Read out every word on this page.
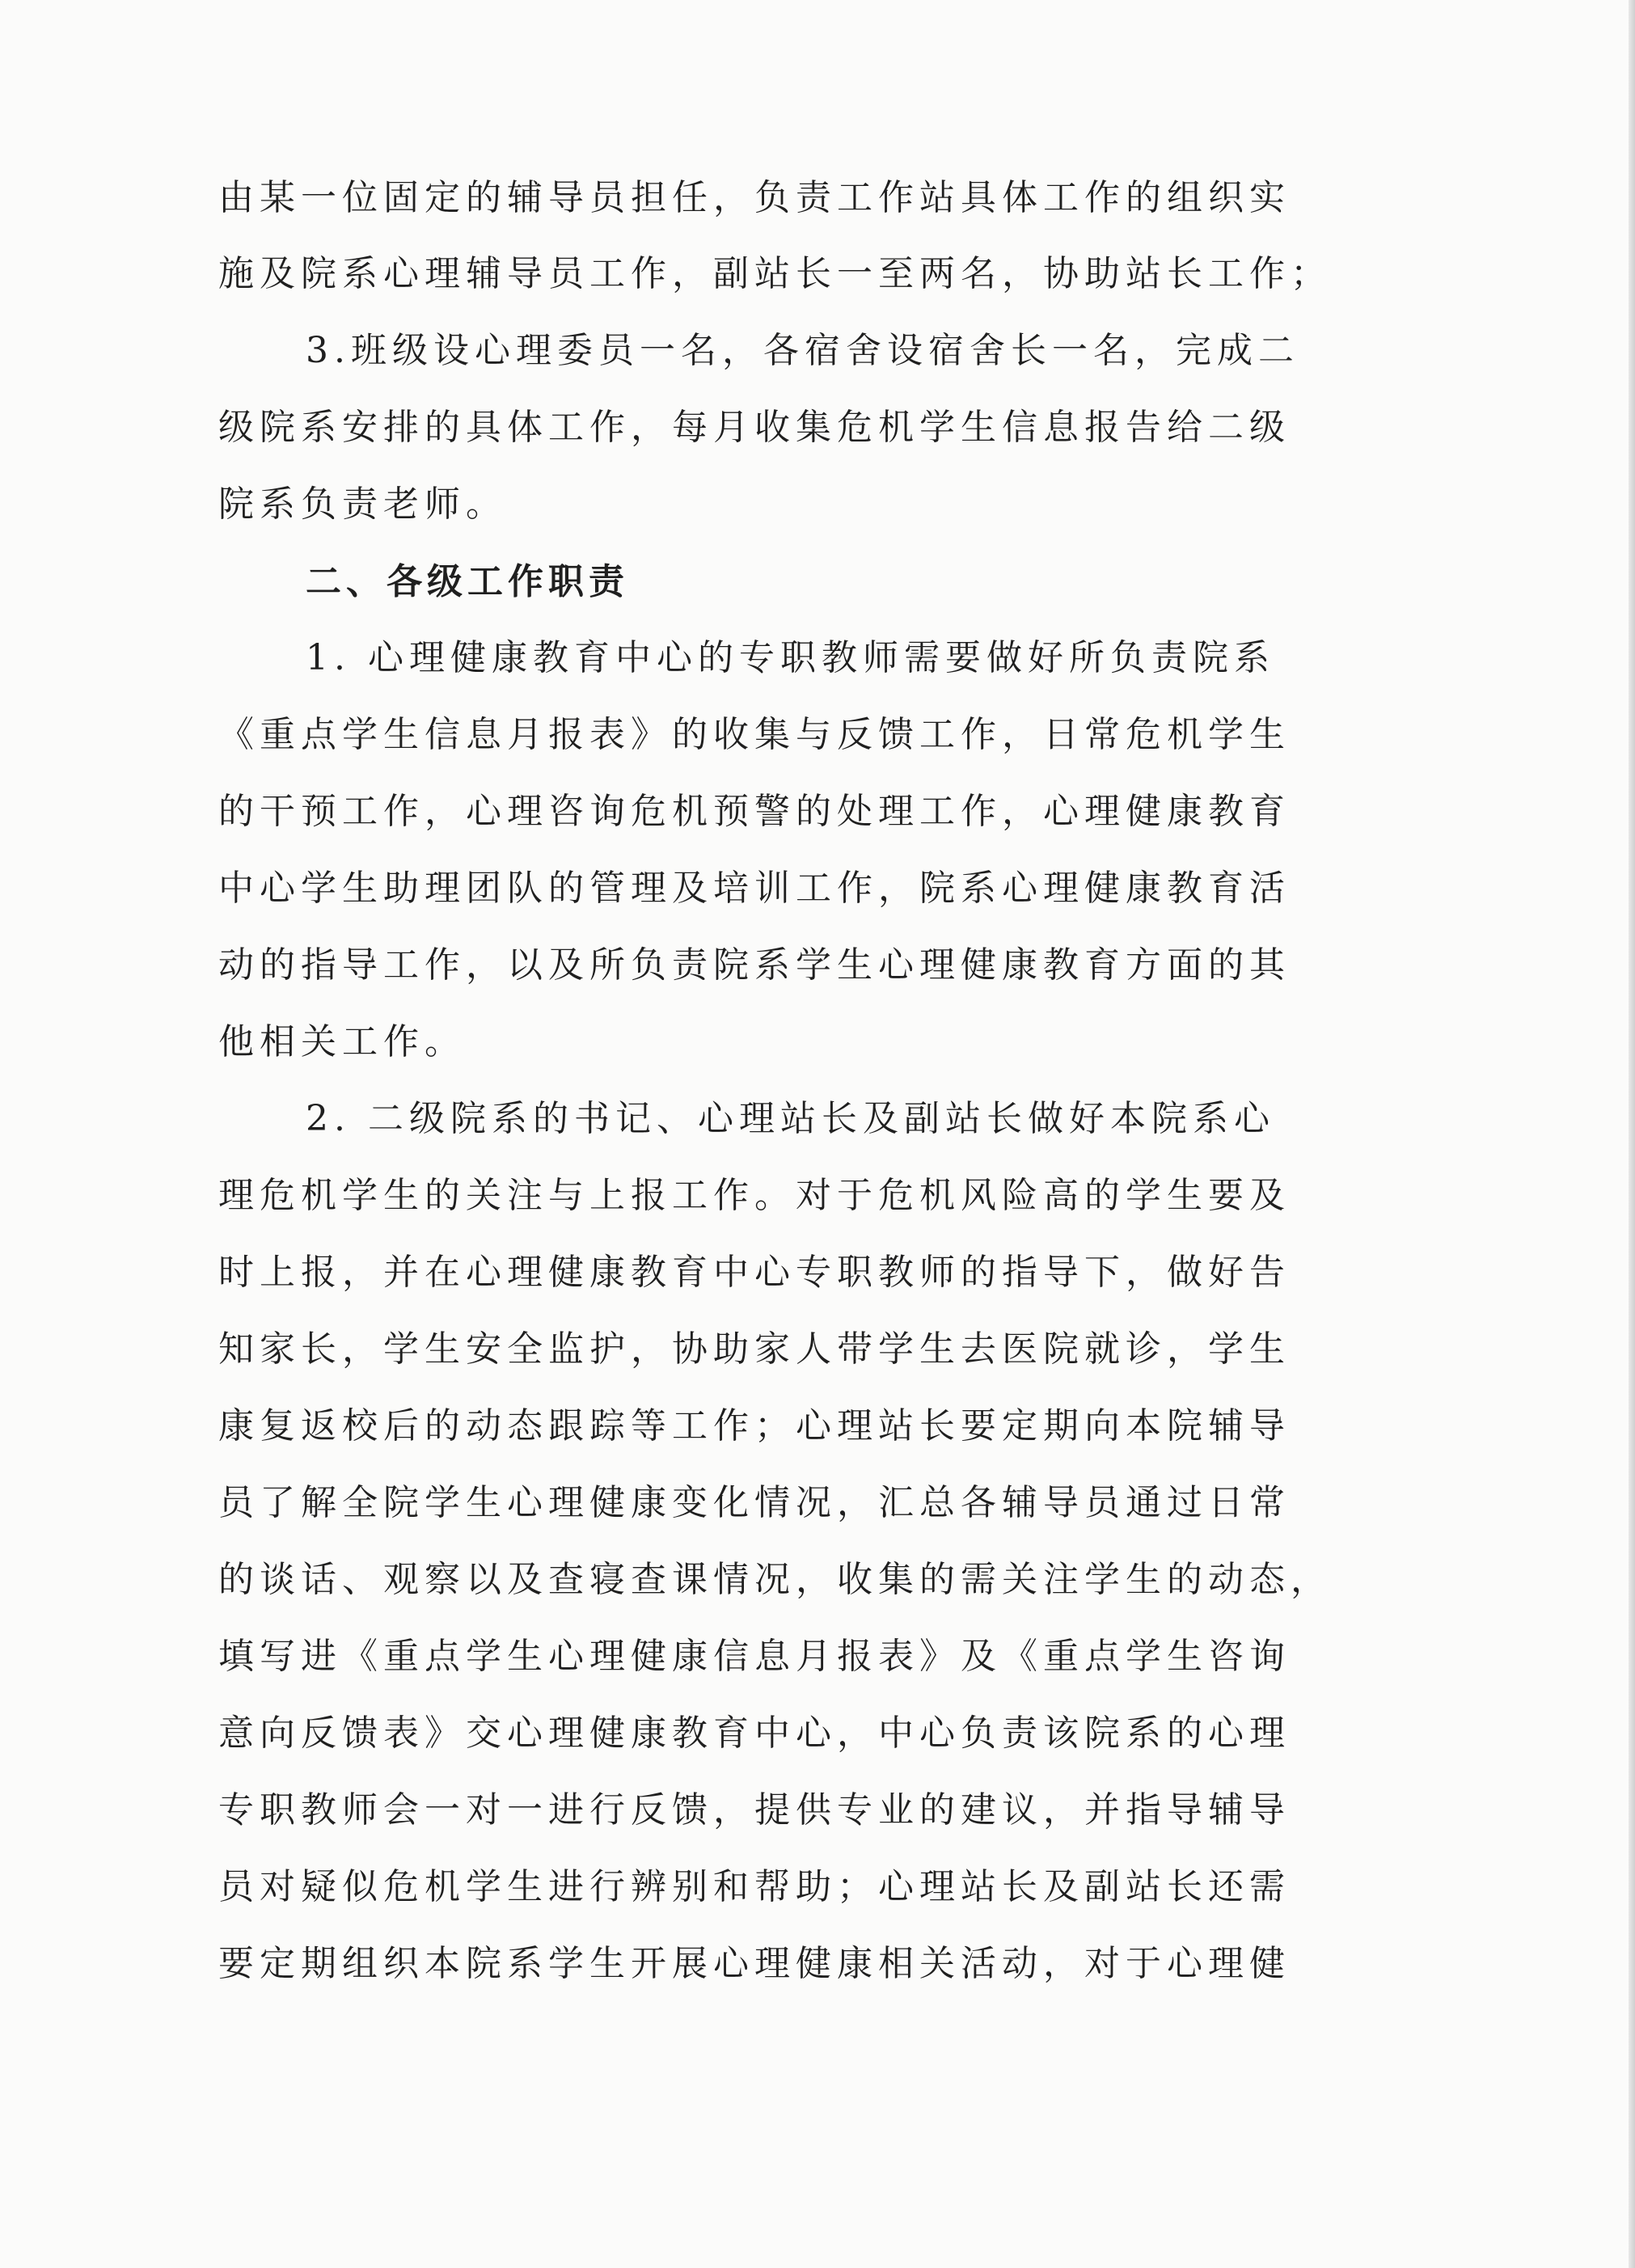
由某一位固定的辅导员担任，负责工作站具体工作的组织实
施及院系心理辅导员工作，副站长一至两名，协助站长工作；
3.班级设心理委员一名，各宿舍设宿舍长一名，完成二
级院系安排的具体工作，每月收集危机学生信息报告给二级
院系负责老师。
二、各级工作职责
1. 心理健康教育中心的专职教师需要做好所负责院系
《重点学生信息月报表》的收集与反馈工作，日常危机学生
的干预工作，心理咨询危机预警的处理工作，心理健康教育
中心学生助理团队的管理及培训工作，院系心理健康教育活
动的指导工作，以及所负责院系学生心理健康教育方面的其
他相关工作。
2. 二级院系的书记、心理站长及副站长做好本院系心
理危机学生的关注与上报工作。对于危机风险高的学生要及
时上报，并在心理健康教育中心专职教师的指导下，做好告
知家长，学生安全监护，协助家人带学生去医院就诊，学生
康复返校后的动态跟踪等工作；心理站长要定期向本院辅导
员了解全院学生心理健康变化情况，汇总各辅导员通过日常
的谈话、观察以及查寝查课情况，收集的需关注学生的动态，
填写进《重点学生心理健康信息月报表》及《重点学生咨询
意向反馈表》交心理健康教育中心，中心负责该院系的心理
专职教师会一对一进行反馈，提供专业的建议，并指导辅导
员对疑似危机学生进行辨别和帮助；心理站长及副站长还需
要定期组织本院系学生开展心理健康相关活动，对于心理健
